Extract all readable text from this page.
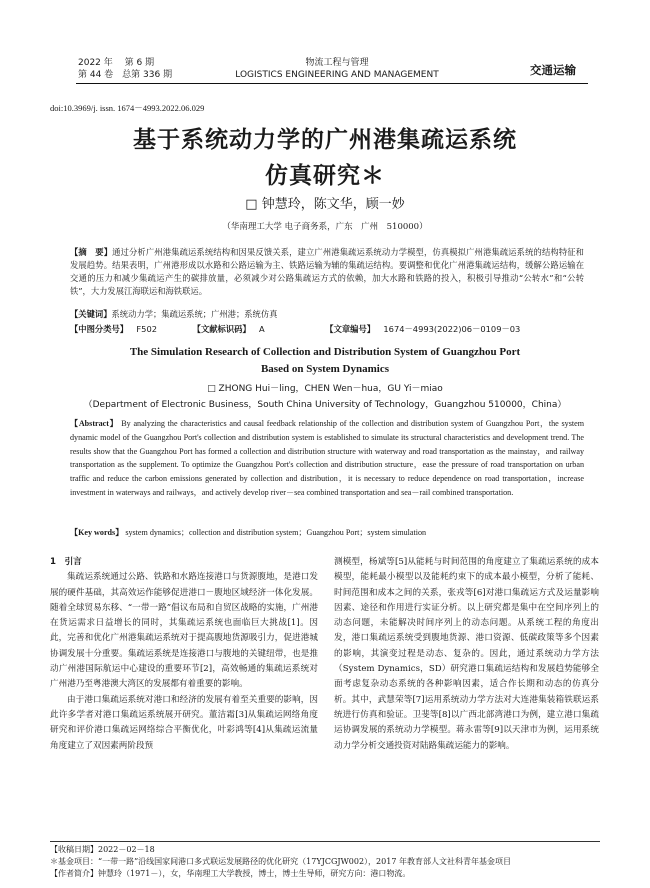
2022 年　 第 6 期
第 44 卷　总第 336 期
物流工程与管理
LOGISTICS ENGINEERING AND MANAGEMENT	交通运输
doi:10.3969/j. issn. 1674－4993.2022.06.029
基于系统动力学的广州港集疏运系统
仿真研究＊
□ 钟慧玲，陈文华，顾一妙
（华南理工大学 电子商务系，广东　广州　510000）
【摘　要】通过分析广州港集疏运系统结构和因果反馈关系，建立广州港集疏运系统动力学模型，仿真模拟广州港集疏运系统的结构特征和发展趋势。结果表明，广州港形成以水路和公路运输为主、铁路运输为辅的集疏运结构。要调整和优化广州港集疏运结构，缓解公路运输在交通的压力和减少集疏运产生的碳排放量，必须减少对公路集疏运方式的依赖，加大水路和铁路的投入，积极引导推动“公转水”和“公转铁”，大力发展江海联运和海铁联运。
【关键词】系统动力学；集疏运系统；广州港；系统仿真
【中图分类号】　 F502	【文献标识码】　 A	【文章编号】　 1674－4993(2022)06－0109－03
The Simulation Research of Collection and Distribution System of Guangzhou Port
Based on System Dynamics
□ ZHONG Hui－ling，CHEN Wen－hua，GU Yi－miao
（Department of Electronic Business，South China University of Technology，Guangzhou 510000，China）
【Abstract】 By analyzing the characteristics and causal feedback relationship of the collection and distribution system of Guangzhou Port，the system dynamic model of the Guangzhou Port's collection and distribution system is established to simulate its structural characteristics and development trend. The results show that the Guangzhou Port has formed a collection and distribution structure with waterway and road transportation as the mainstay，and railway transportation as the supplement. To optimize the Guangzhou Port's collection and distribution structure，ease the pressure of road transportation on urban traffic and reduce the carbon emissions generated by collection and distribution，it is necessary to reduce dependence on road transportation，increase investment in waterways and railways，and actively develop river－sea combined transportation and sea－rail combined transportation.
【Key words】 system dynamics；collection and distribution system；Guangzhou Port；system simulation
1　引言

集疏运系统通过公路、铁路和水路连接港口与货源腹地，是港口发展的硬件基础，其高效运作能够促进港口－腹地区域经济一体化发展。随着全球贸易东移、“一带一路”倡议布局和自贸区战略的实施，广州港在货运需求日益增长的同时，其集疏运系统也面临巨大挑战[1]。因此，完善和优化广州港集疏运系统对于提高腹地货源吸引力，促进港城协调发展十分重要。集疏运系统是连接港口与腹地的关键纽带，也是推动广州港国际航运中心建设的重要环节[2]，高效畅通的集疏运系统对广州港乃至粤港澳大湾区的发展都有着重要的影响。

由于港口集疏运系统对港口和经济的发展有着至关重要的影响，因此许多学者对港口集疏运系统展开研究。董洁霜[3]从集疏运网络角度研究和评价港口集疏运网络综合平衡优化，叶彩鸿等[4]从集疏运流量角度建立了双因素两阶段预

测模型，杨斌等[5]从能耗与时间范围的角度建立了集疏运系统的成本模型，能耗最小模型以及能耗约束下的成本最小模型，分析了能耗、时间范围和成本之间的关系，张戎等[6]对港口集疏运方式及运量影响因素、途径和作用进行实证分析。以上研究都是集中在空间序列上的动态问题，未能解决时间序列上的动态问题。从系统工程的角度出发，港口集疏运系统受到腹地货源、港口资源、低碳政策等多个因素的影响，其演变过程是动态、复杂的。因此，通过系统动力学方法（System Dynamics，SD）研究港口集疏运结构和发展趋势能够全面考虑复杂动态系统的各种影响因素，适合作长期和动态的仿真分析。其中，武慧荣等[7]运用系统动力学方法对大连港集装箱铁联运系统进行仿真和验证。卫斐等[8]以广西北部湾港口为例，建立港口集疏运协调发展的系统动力学模型。蒋永雷等[9]以天津市为例，运用系统动力学分析交通投资对陆路集疏运能力的影响。

【收稿日期】2022－02－18
＊基金项目：“一带一路”沿线国家间港口多式联运发展路径的优化研究（17YJCGJW002），2017 年教育部人文社科青年基金项目
【作者简介】钟慧玲（1971－），女，华南理工大学教授，博士，博士生导师，研究方向：港口物流。
